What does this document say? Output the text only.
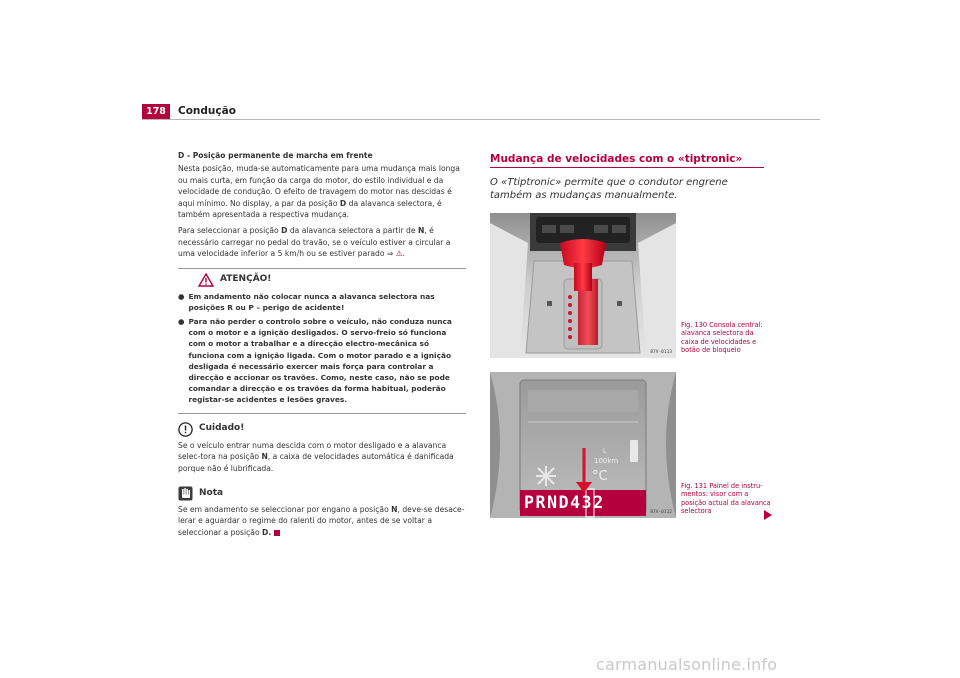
178	Condução

D - Posição permanente de marcha em frente

Nesta posição, muda-se automaticamente para uma mudança mais longa ou mais curta, em função da carga do motor, do estilo individual e da velocidade de condução. O efeito de travagem do motor nas descidas é aqui mínimo. No display, a par da posição D da alavanca selectora, é também apresentada a respectiva mudança.

Para seleccionar a posição D da alavanca selectora a partir de N, é necessário carregar no pedal do travão, se o veículo estiver a circular a uma velocidade inferior a 5 km/h ou se estiver parado ⇒ ⚠.

ATENÇÃO!
● Em andamento não colocar nunca a alavanca selectora nas posições R ou P – perigo de acidente!
● Para não perder o controlo sobre o veículo, não conduza nunca com o motor e a ignição desligados. O servo-freio só funciona com o motor a trabalhar e a direcção electro-mecânica só funciona com a ignição ligada. Com o motor parado e a ignição desligada é necessário exercer mais força para controlar a direcção e accionar os travões. Como, neste caso, não se pode comandar a direcção e os travões da forma habitual, poderão registar-se acidentes e lesões graves.
Cuidado!

Se o veículo entrar numa descida com o motor desligado e a alavanca selec-tora na posição N, a caixa de velocidades automática é danificada porque não é lubrificada.

Nota

Se em andamento se seleccionar por engano a posição N, deve-se desace-lerar e aguardar o regime do ralenti do motor, antes de se voltar a seleccionar a posição D.

Mudança de velocidades com o «tiptronic»
O «Ttiptronic» permite que o condutor engrene também as mudanças manualmente.
B7V-0113
Fig. 130 Consola central: alavanca selectora da caixa de velocidades e botão de bloqueio
PRND432
°C
L
100km
B7V-0112
Fig. 131 Painel de instru-mentos: visor com a posição actual da alavanca selectora
carmanualsonline.info
